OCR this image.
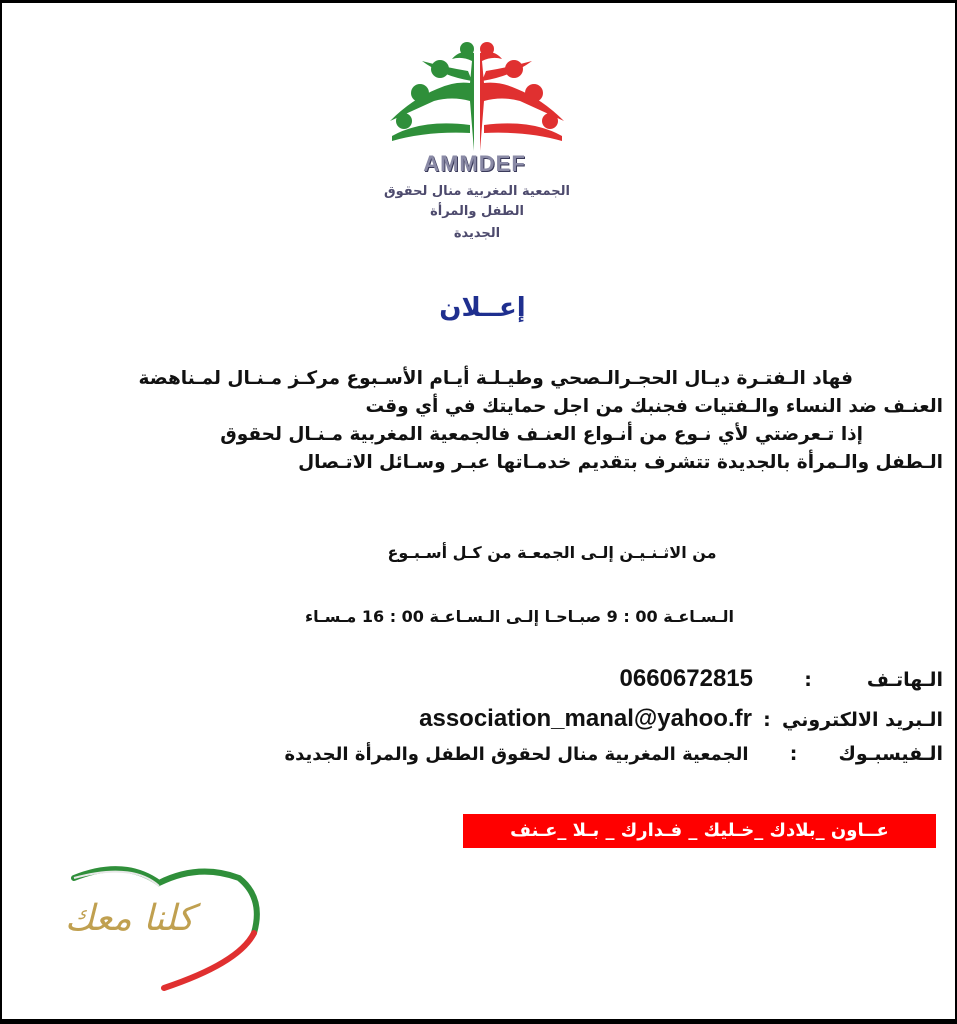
AMMDEF
الجمعية المغربية منال لحقوق
الطفل والمرأة
الجديدة
إعــلان
فهاد الـفتـرة ديـال الحجـرالـصحي وطيـلـة أيـام الأسـبوع مركـز مـنـال لمـناهضة
العنـف ضد النساء والـفتيات فجنبك من اجل حمايتك في أي وقت
إذا تـعرضتي لأي نـوع من أنـواع العنـف فالجمعية المغربية مـنـال لحقوق
الـطفل والـمرأة بالجديدة تتشرف بتقديم خدمـاتها عبـر وسـائل الاتـصال
من الاثـنـيـن إلـى الجمعـة من كـل أسـبـوع
الـسـاعـة 00 : 9 صبـاحـا إلـى الـسـاعـة 00 : 16 مـسـاء
الـهاتـف
:
0660672815
الـبريد الالكتروني
:
association_manal@yahoo.fr
الـفيسبـوك
:
الجمعية المغربية منال لحقوق الطفل والمرأة الجديدة
عــاون _بلادك _خـليك _ فـدارك _ بـلا _عـنف
كلنا معك
